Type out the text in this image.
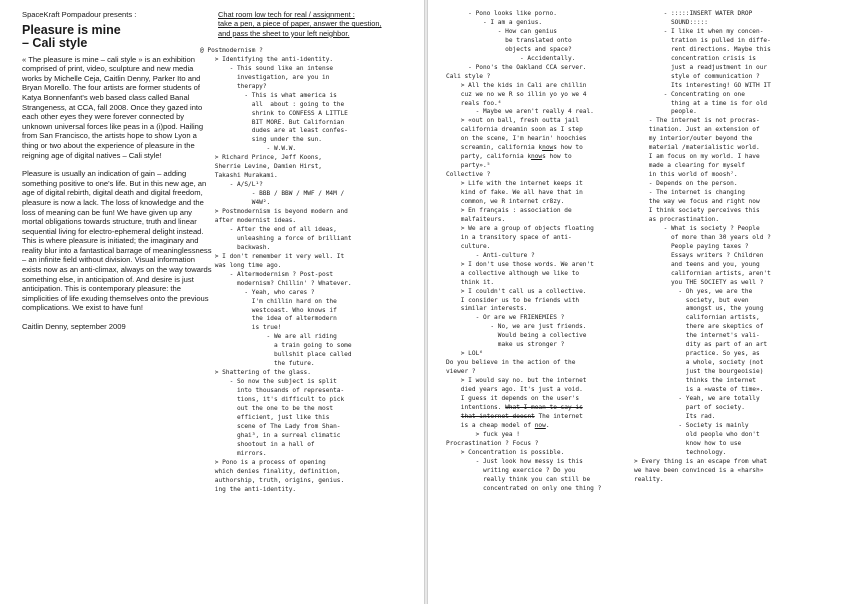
SpaceKraft Pompadour presents :

Pleasure is mine
– Cali style

« The pleasure is mine – cali style » is an exhibition comprised of print, video, sculpture and new media works by Michelle Ceja, Caitlin Denny, Parker Ito and Bryan Morello. The four artists are former students of Katya Bonnenfant's web based class called Banal Strangeness, at CCA, fall 2008. Once they gazed into each other eyes they were forever connected by unknown universal forces like peas in a (i)pod. Hailing from San Francisco, the artists hope to show Lyon a thing or two about the experience of pleasure in the reigning age of digital natives – Cali style!

Pleasure is usually an indication of gain – adding something positive to one's life. But in this new age, an age of digital rebirth, digital death and digital freedom, pleasure is now a lack. The loss of knowledge and the loss of meaning can be fun! We have given up any mortal obligations towards structure, truth and linear sequential living for electro-ephemeral delight instead. This is where pleasure is initiated; the imaginary and reality blur into a fantastical barrage of meaninglessness – an infinite field without division. Visual information exists now as an anti-climax, always on the way towards something else, in anticipation of. And desire is just anticipation. This is contemporary pleasure: the simplicities of life exuding themselves onto the previous complications. We exist to have fun!

Caitlin Denny, september 2009

Chat room low tech for real / assignment :
take a pen, a piece of paper, answer the question,
and pass the sheet to your left neighbor.
@ Postmodernism ?
> Identifying the anti-identity.
- This sound like an intense
investigation, are you in
therapy?
- This is what america is
all  about : going to the
shrink to CONFESS A LITTLE
BIT MORE. But Californian
dudes are at least confes-
sing under the sun.
- W.W.W.
> Richard Prince, Jeff Koons,
Sherrie Levine, Damien Hirst,
Takashi Murakami.
- A/S/L¹?
- BBB / BBW / MWF / M4M /
W4W².
> Postmodernism is beyond modern and
after modernist ideas.
- After the end of all ideas,
unleashing a force of brilliant
backwash.
> I don't remember it very well. It
was long time ago.
- Altermodernism ? Post-post
modernism? Chillin' ? Whatever.
- Yeah, who cares ?
I'm chillin hard on the
westcoast. Who knows if
the idea of altermodern
is true!
- We are all riding
a train going to some
bullshit place called
the future.
> Shattering of the glass.
- So now the subject is split
into thousands of representa-
tions, it's difficult to pick
out the one to be the most
efficient, just like this
scene of The Lady from Shan-
ghai³, in a surreal climatic
shootout in a hall of
mirrors.
> Pono is a process of opening
which denies finality, definition,
authorship, truth, origins, genius.
ing the anti-identity.
- Pono looks like porno.
- I am a genius.
- How can genius
be translated onto
objects and space?
- Accidentally.
- Pono's the Oakland CCA server.
Cali style ?
> All the kids in Cali are chillin
cuz we no we R so illin yo yo we 4
reals foo.⁴
- Maybe we aren't really 4 real.
> «out on ball, fresh outta jail
california dreamin soon as I step
on the scene, I'm hearin' hoochies
screamin, california knows how to
party, california knows how to
party».⁵
Collective ?
> Life with the internet keeps it
kind of fake. We all have that in
common, we R internet cr8zy.
> En français : association de
malfaiteurs.
> We are a group of objects floating
in a transitory space of anti-
culture.
- Anti-culture ?
> I don't use those words. We aren't
a collective although we like to
think it.
> I couldn't call us a collective.
I consider us to be friends with
similar interests.
- Or are we FRIENEMIES ?
- No, we are just friends.
Would being a collective
make us stronger ?
> LOL⁶
Do you believe in the action of the
viewer ?
> I would say no. but the internet
died years ago. It's just a void.
I guess it depends on the user's
intentions. What I mean to say is
that internet doesnt The internet
is a cheap model of now.
> fuck yea !
Procrastination ? Focus ?
> Concentration is possible.
- Just look how messy is this
writing exercice ? Do you
really think you can still be
concentrated on only one thing ?
- :::::INSERT WATER DROP
SOUND:::::
- I like it when my concen-
tration is pulled in diffe-
rent directions. Maybe this
concentration crisis is
just a readjustment in our
style of communication ?
Its interesting! GO WITH IT
- Concentrating on one
thing at a time is for old
people.
- The internet is not procras-
tination. Just an extension of
my interior/outer beyond the
material /materialistic world.
I am focus on my world. I have
made a clearing for myself
in this world of moosh⁷.
- Depends on the person.
- The internet is changing
the way we focus and right now
I think society perceives this
as procrastination.
- What is society ? People
of more than 30 years old ?
People paying taxes ?
Essays writers ? Children
and teens and you, young
californian artists, aren't
you THE SOCIETY as well ?
- Oh yes, we are the
society, but even
amongst us, the young
californian artists,
there are skeptics of
the internet's vali-
dity as part of an art
practice. So yes, as
a whole, society (not
just the bourgeoisie)
thinks the internet
is a «waste of time».
- Yeah, we are totally
part of society.
Its rad.
- Society is mainly
old people who don't
know how to use
technology.
> Every thing is an escape from what
we have been convinced is a «harsh»
reality.
